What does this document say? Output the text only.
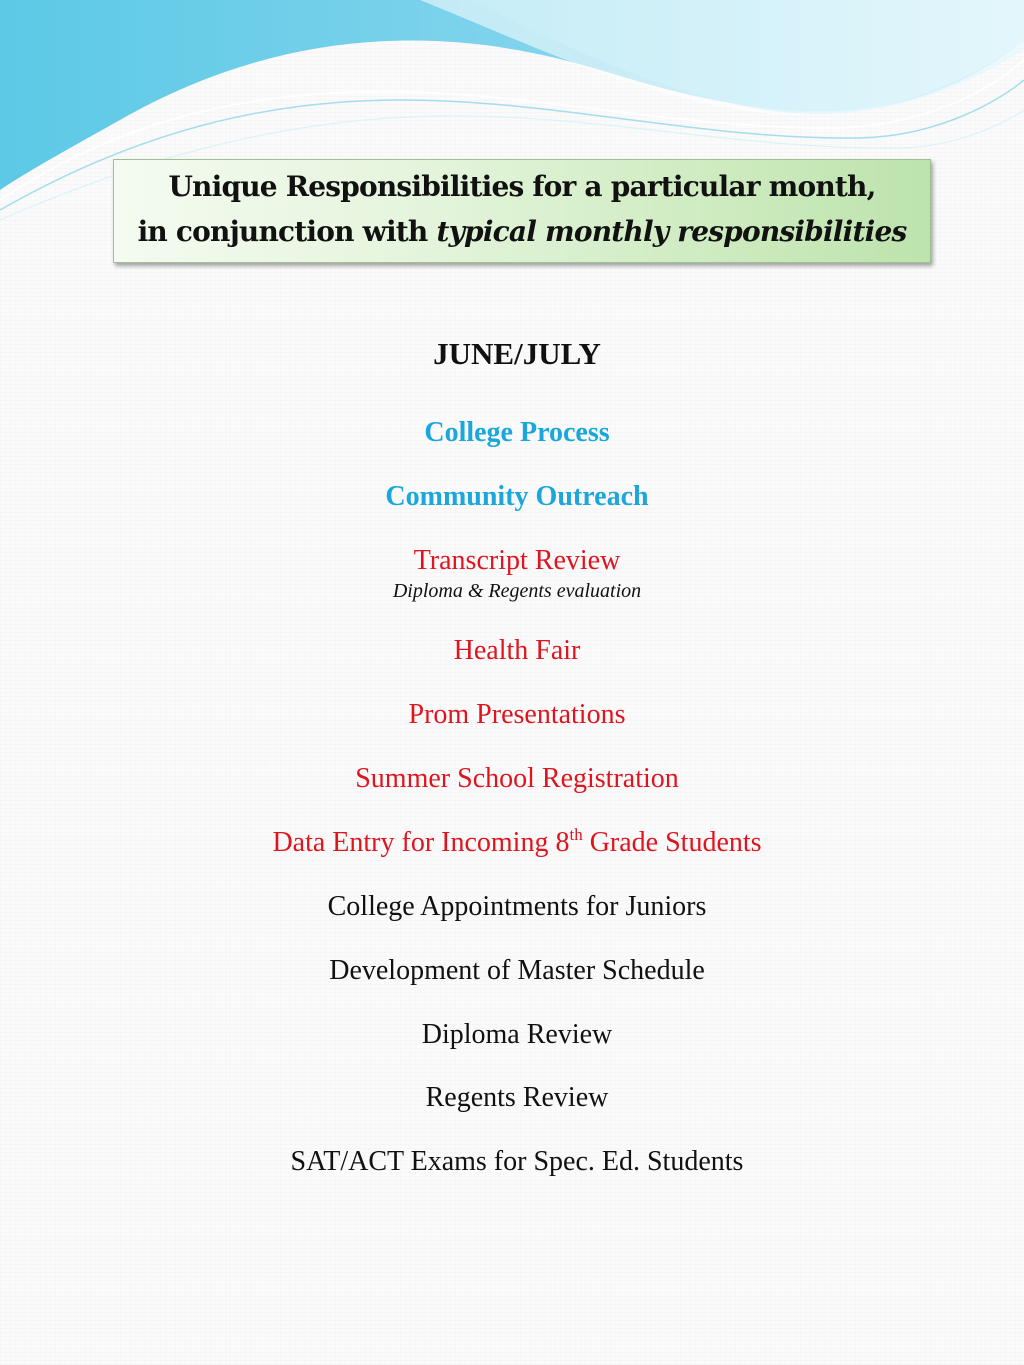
Unique Responsibilities for a particular month,
in conjunction with typical monthly responsibilities
JUNE/JULY
College Process
Community Outreach
Transcript Review
Diploma & Regents evaluation
Health Fair
Prom Presentations
Summer School Registration
Data Entry for Incoming 8th Grade Students
College Appointments for Juniors
Development of Master Schedule
Diploma Review
Regents Review
SAT/ACT Exams for Spec. Ed. Students
